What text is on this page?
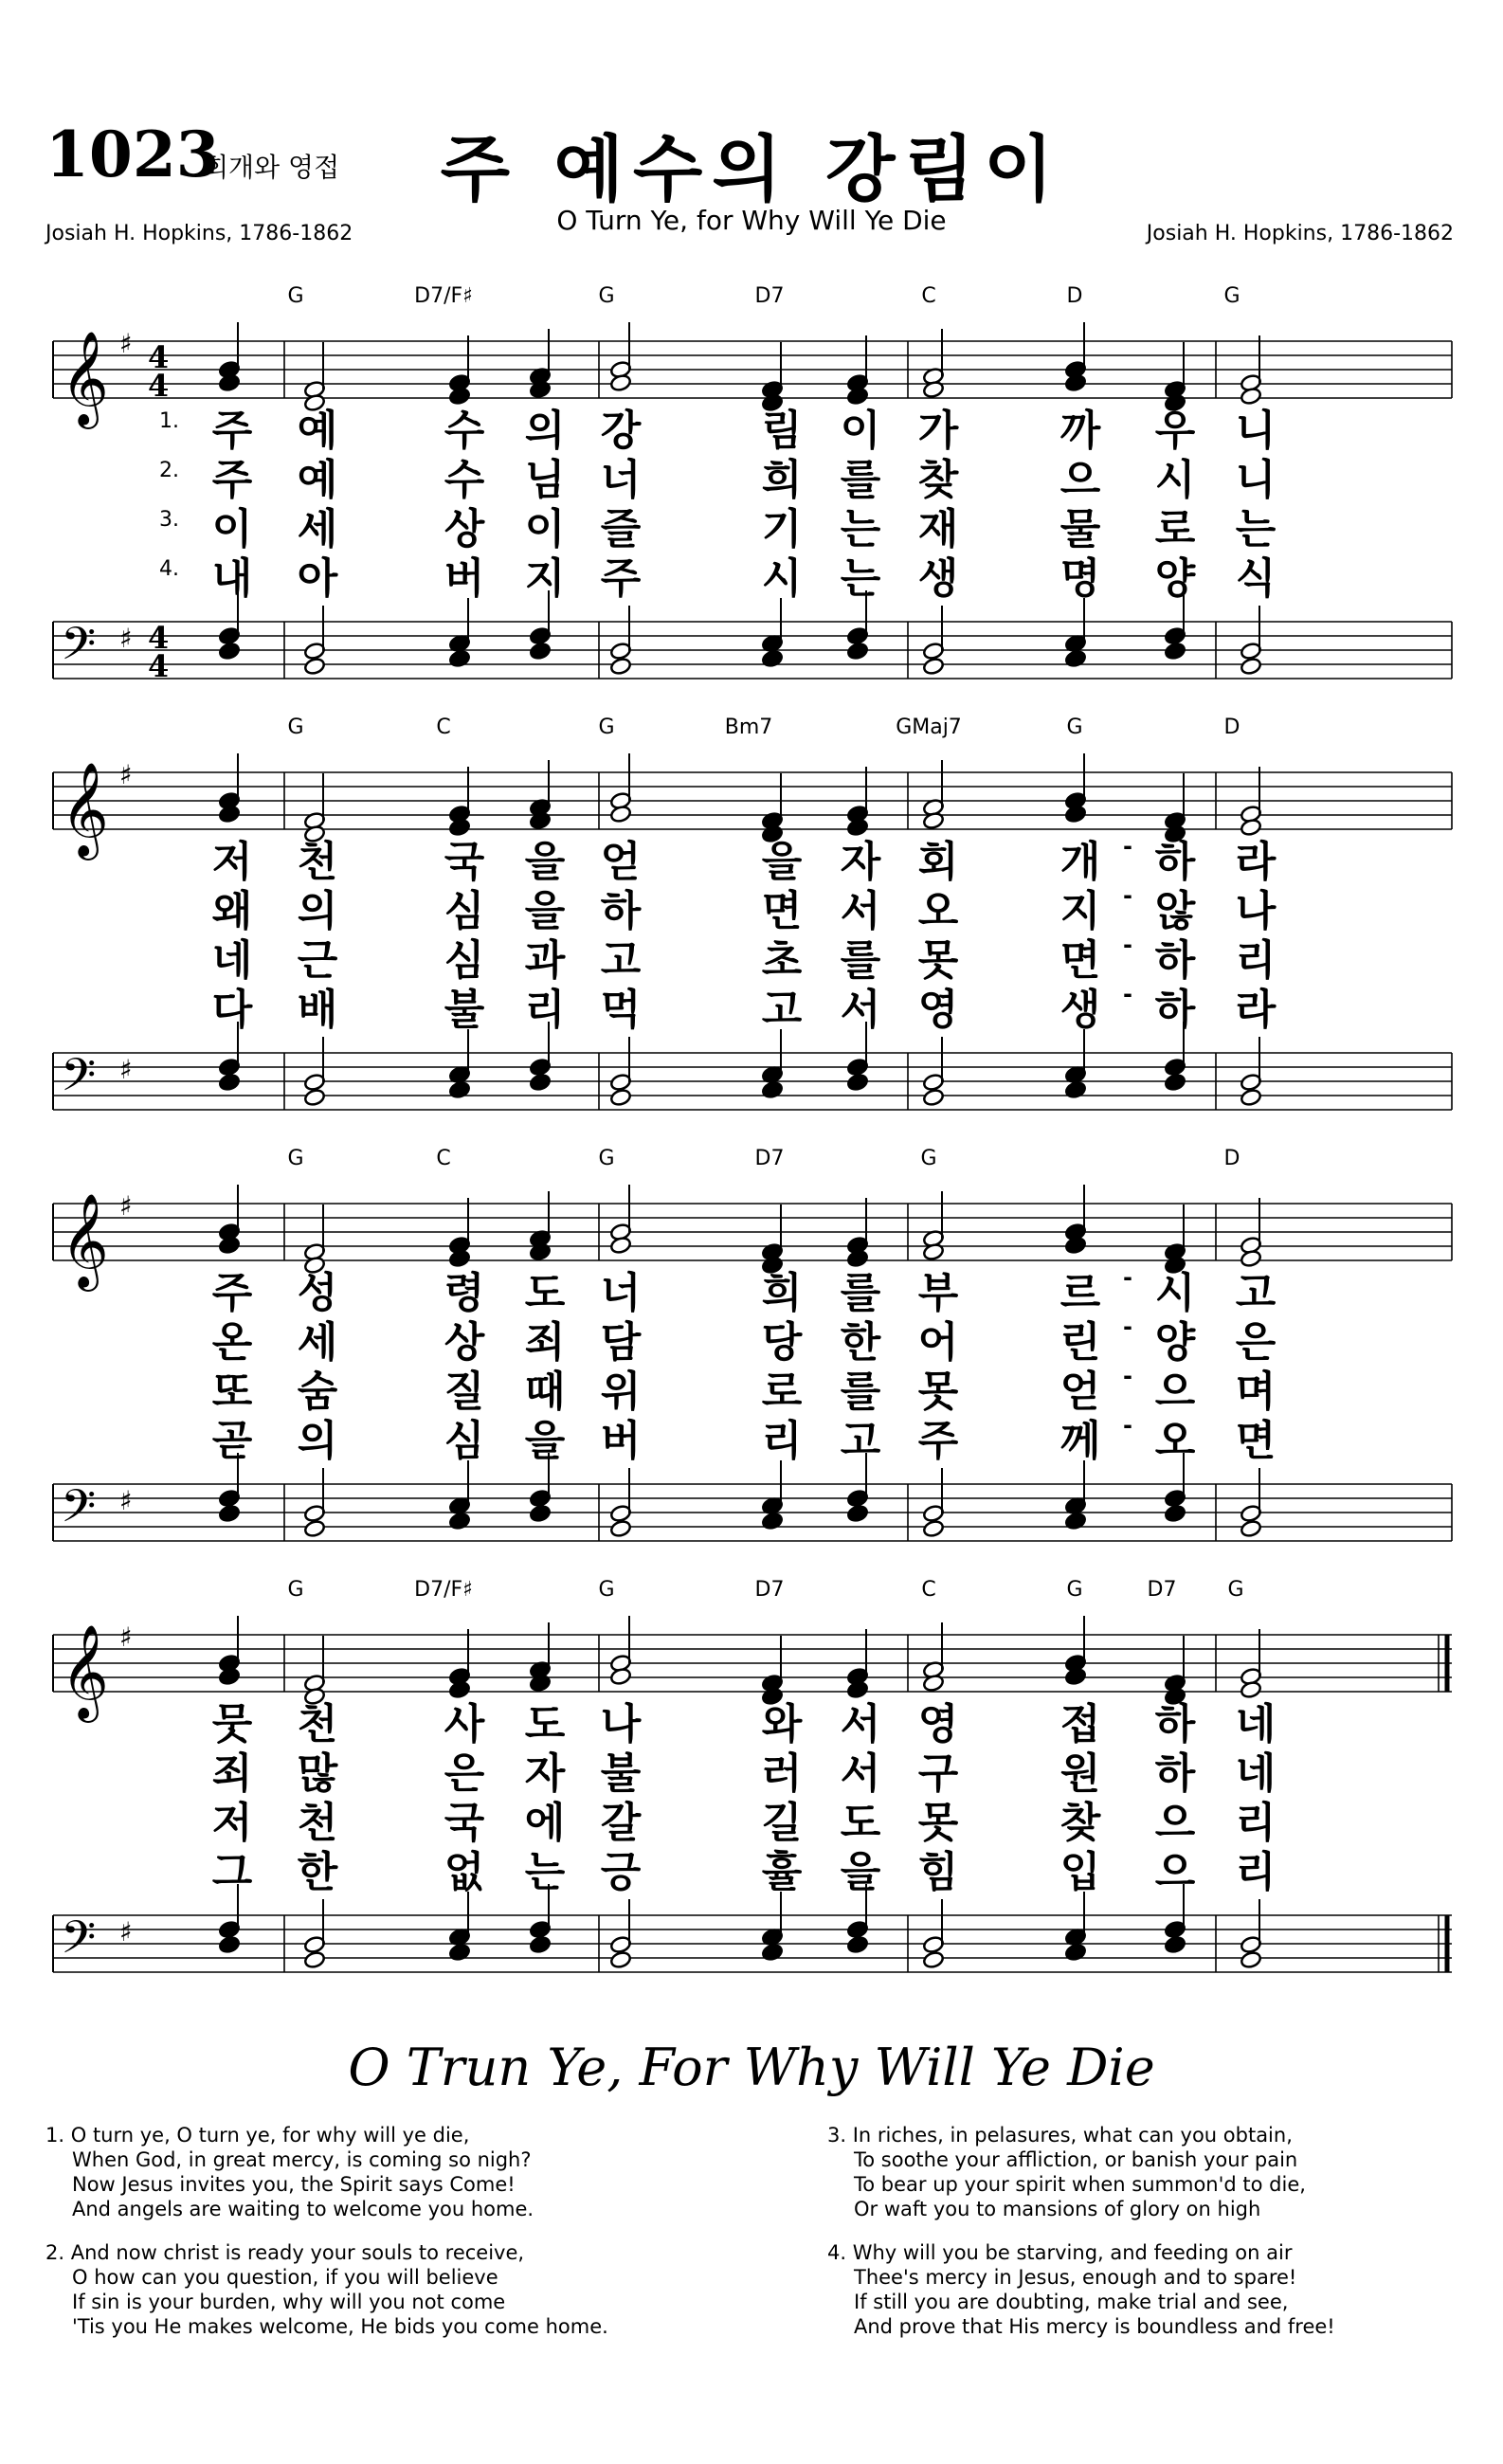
1023
회개와 영접	주 예수의 강림이
O Turn Ye, for Why Will Ye Die
Josiah H. Hopkins, 1786-1862	Josiah H. Hopkins, 1786-1862
𝄞 ♯ 4
4
𝄢 ♯ 4
4
G	D7/F♯	G	D7	C	D	G
1. 주 예	수 의 강	림 이 가 까 우 니
2. 주 예	수 님 너	희 를 찾 으 시 니
3. 이 세	상 이 즐	기 는 재 물 로 는
4. 내 아	버 지 주	시 는 생 명 양 식
𝄞 ♯
𝄢 ♯
G	C	G	Bm7	GMaj7	G	D
저 천	국 을 얻	을 자 회 개 - 하 라
왜 의	심 을 하	면 서 오 지 - 않 나
네 근	심 과 고	초 를 못 면 - 하 리
다 배	불 리 먹	고 서 영 생 - 하 라
𝄞 ♯
𝄢 ♯
G	C	G	D7	G	D
주 성	령 도 너	희 를 부 르 - 시 고
온 세	상 죄 담	당 한 어 린 - 양 은
또 숨	질 때 위	로 를 못 얻 - 으 며
곧 의	심 을 버	리 고 주 께 - 오 면
𝄞 ♯
𝄢 ♯
G	D7/F♯	G	D7	C	G	D7 G
뭇 천	사 도 나	와 서 영 접 하 네
죄 많	은 자 불	러 서 구 원 하 네
저 천	국 에 갈	길 도 못 찾 으 리
그 한	없 는 긍	휼 을 힘 입 으 리
O Trun Ye, For Why Will Ye Die
1. O turn ye, O turn ye, for why will ye die,
When God, in great mercy, is coming so nigh?
Now Jesus invites you, the Spirit says Come!
And angels are waiting to welcome you home.
2. And now christ is ready your souls to receive,
O how can you question, if you will believe
If sin is your burden, why will you not come
'Tis you He makes welcome, He bids you come home.
3. In riches, in pelasures, what can you obtain,
To soothe your affliction, or banish your pain
To bear up your spirit when summon'd to die,
Or waft you to mansions of glory on high
4. Why will you be starving, and feeding on air
Thee's mercy in Jesus, enough and to spare!
If still you are doubting, make trial and see,
And prove that His mercy is boundless and free!
